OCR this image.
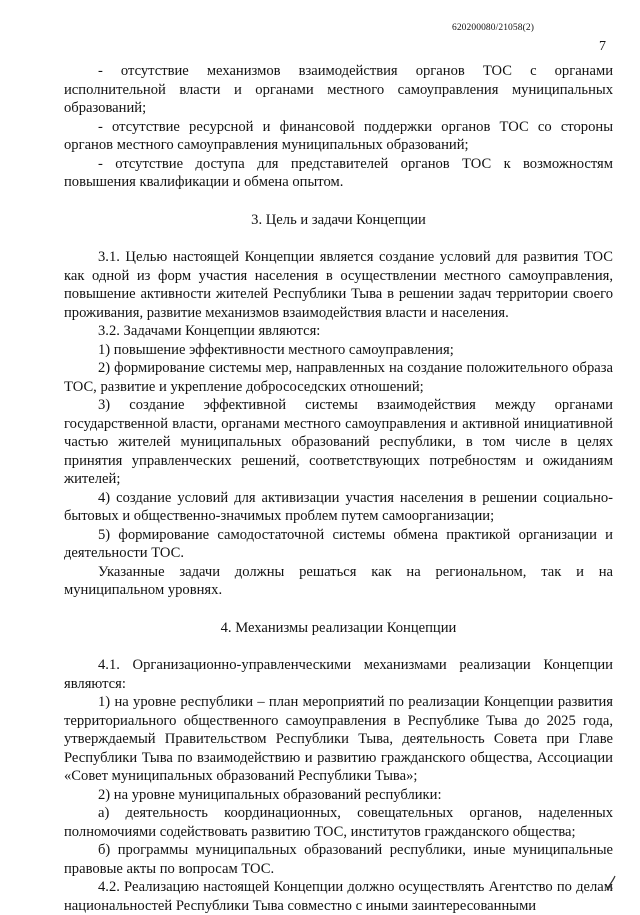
620200080/21058(2)
7

- отсутствие механизмов взаимодействия органов ТОС с органами исполнительной власти и органами местного самоуправления муниципальных образований;

- отсутствие ресурсной и финансовой поддержки органов ТОС со стороны органов местного самоуправления муниципальных образований;

- отсутствие доступа для представителей органов ТОС к возможностям повышения квалификации и обмена опытом.

3. Цель и задачи Концепции

3.1. Целью настоящей Концепции является создание условий для развития ТОС как одной из форм участия населения в осуществлении местного самоуправления, повышение активности жителей Республики Тыва в решении задач территории своего проживания, развитие механизмов взаимодействия власти и населения.

3.2. Задачами Концепции являются:

1) повышение эффективности местного самоуправления;

2) формирование системы мер, направленных на создание положительного образа ТОС, развитие и укрепление добрососедских отношений;

3) создание эффективной системы взаимодействия между органами государственной власти, органами местного самоуправления и активной инициативной частью жителей муниципальных образований республики, в том числе в целях принятия управленческих решений, соответствующих потребностям и ожиданиям жителей;

4) создание условий для активизации участия населения в решении социально-бытовых и общественно-значимых проблем путем самоорганизации;

5) формирование самодостаточной системы обмена практикой организации и деятельности ТОС.

Указанные задачи должны решаться как на региональном, так и на муниципальном уровнях.

4. Механизмы реализации Концепции

4.1. Организационно-управленческими механизмами реализации Концепции являются:

1) на уровне республики – план мероприятий по реализации Концепции развития территориального общественного самоуправления в Республике Тыва до 2025 года, утверждаемый Правительством Республики Тыва, деятельность Совета при Главе Республики Тыва по взаимодействию и развитию гражданского общества, Ассоциации «Совет муниципальных образований Республики Тыва»;

2) на уровне муниципальных образований республики:

а) деятельность координационных, совещательных органов, наделенных полномочиями содействовать развитию ТОС, институтов гражданского общества;

б) программы муниципальных образований республики, иные муниципальные правовые акты по вопросам ТОС.

4.2. Реализацию настоящей Концепции должно осуществлять Агентство по делам национальностей Республики Тыва совместно с иными заинтересованными
